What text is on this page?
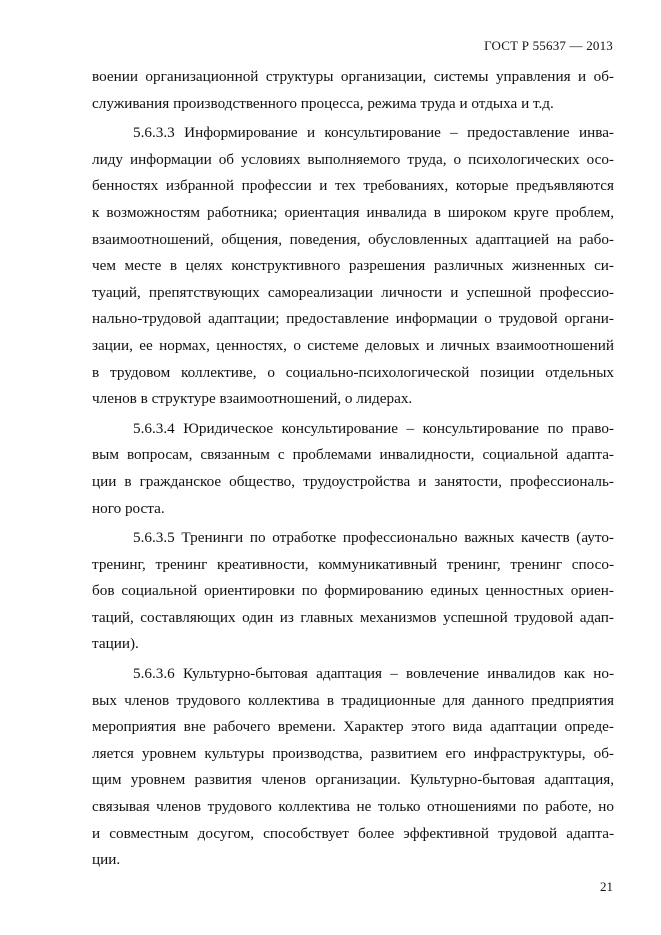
ГОСТ Р 55637 — 2013
воении организационной структуры организации, системы управления и об-
служивания производственного процесса, режима труда и отдыха и т.д.
5.6.3.3 Информирование и консультирование – предоставление инва-
лиду информации об условиях выполняемого труда, о психологических осо-
бенностях избранной профессии и тех требованиях, которые предъявляются
к возможностям работника; ориентация инвалида в широком круге проблем,
взаимоотношений, общения, поведения, обусловленных адаптацией на рабо-
чем месте в целях конструктивного разрешения различных жизненных си-
туаций, препятствующих самореализации личности и успешной профессио-
нально-трудовой адаптации; предоставление информации о трудовой органи-
зации, ее нормах, ценностях, о системе деловых и личных взаимоотношений
в трудовом коллективе, о социально-психологической позиции отдельных
членов в структуре взаимоотношений, о лидерах.
5.6.3.4 Юридическое консультирование – консультирование по право-
вым вопросам, связанным с проблемами инвалидности, социальной адапта-
ции в гражданское общество, трудоустройства и занятости, профессиональ-
ного роста.
5.6.3.5 Тренинги по отработке профессионально важных качеств (ауто-
тренинг, тренинг креативности, коммуникативный тренинг, тренинг спосо-
бов социальной ориентировки по формированию единых ценностных ориен-
таций, составляющих один из главных механизмов успешной трудовой адап-
тации).
5.6.3.6 Культурно-бытовая адаптация – вовлечение инвалидов как но-
вых членов трудового коллектива в традиционные для данного предприятия
мероприятия вне рабочего времени. Характер этого вида адаптации опреде-
ляется уровнем культуры производства, развитием его инфраструктуры, об-
щим уровнем развития членов организации. Культурно-бытовая адаптация,
связывая членов трудового коллектива не только отношениями по работе, но
и совместным досугом, способствует более эффективной трудовой адапта-
ции.
21
